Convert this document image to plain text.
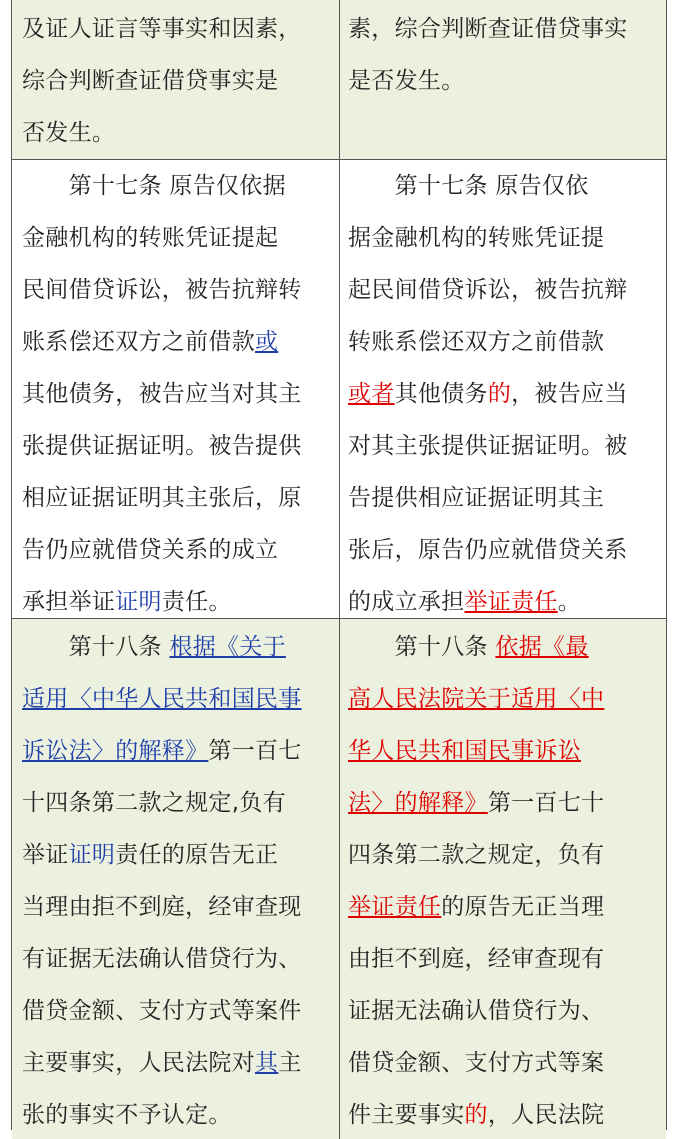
及证人证言等事实和因素，
综合判断查证借贷事实是
否发生。
素，综合判断查证借贷事实
是否发生。
　　第十七条 原告仅依据
金融机构的转账凭证提起
民间借贷诉讼，被告抗辩转
账系偿还双方之前借款或
其他债务，被告应当对其主
张提供证据证明。被告提供
相应证据证明其主张后，原
告仍应就借贷关系的成立
承担举证证明责任。
　　第十七条 原告仅依
据金融机构的转账凭证提
起民间借贷诉讼，被告抗辩
转账系偿还双方之前借款
或者其他债务的，被告应当
对其主张提供证据证明。被
告提供相应证据证明其主
张后，原告仍应就借贷关系
的成立承担举证责任。
　　第十八条 根据《关于
适用〈中华人民共和国民事
诉讼法〉的解释》第一百七
十四条第二款之规定,负有
举证证明责任的原告无正
当理由拒不到庭，经审查现
有证据无法确认借贷行为、
借贷金额、支付方式等案件
主要事实，人民法院对其主
张的事实不予认定。
　　第十八条 依据《最
高人民法院关于适用〈中
华人民共和国民事诉讼
法〉的解释》第一百七十
四条第二款之规定，负有
举证责任的原告无正当理
由拒不到庭，经审查现有
证据无法确认借贷行为、
借贷金额、支付方式等案
件主要事实的，人民法院
